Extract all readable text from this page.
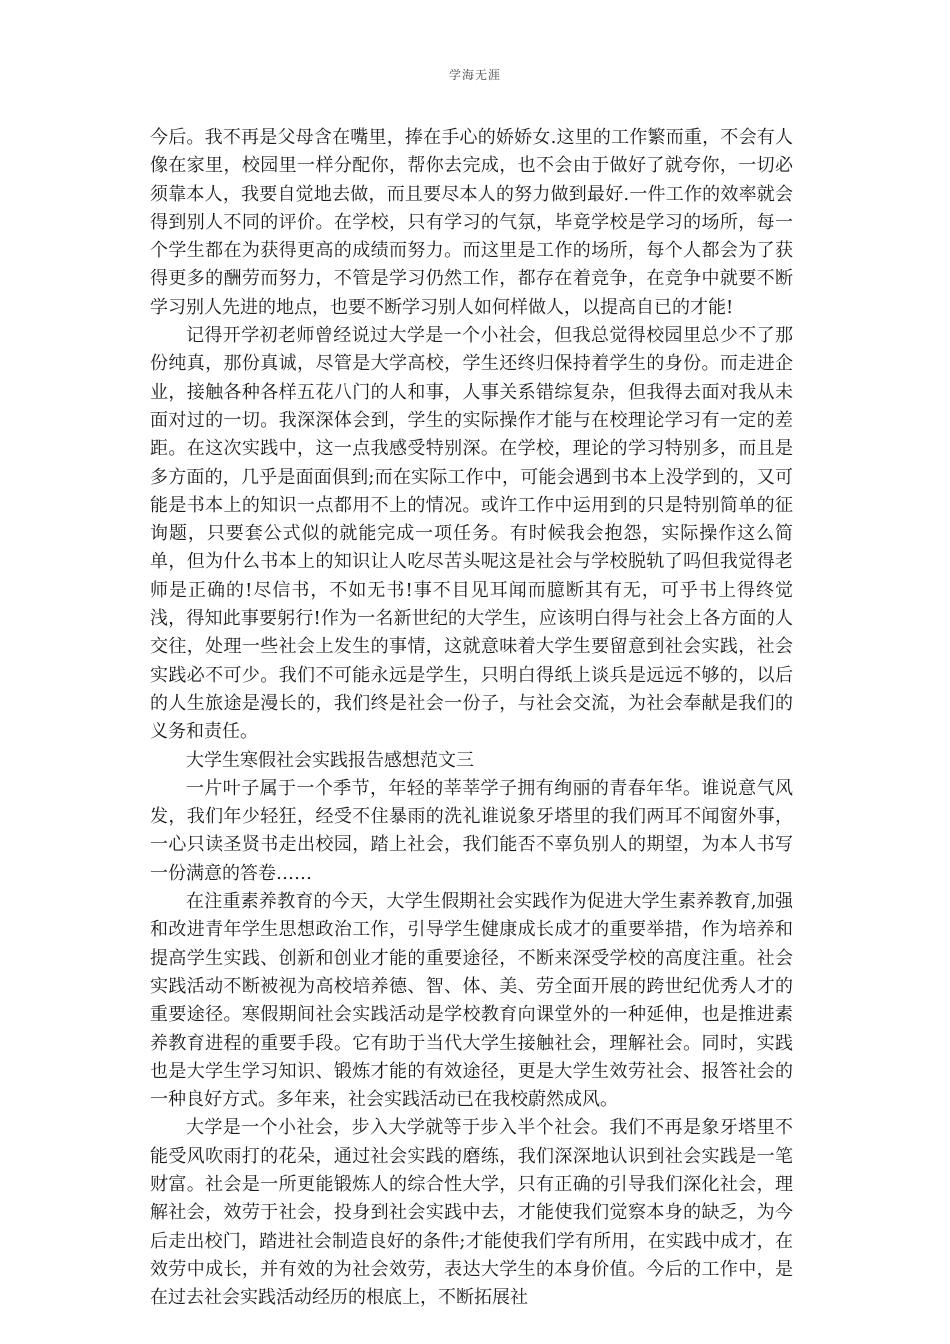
学海无涯

今后。我不再是父母含在嘴里，捧在手心的娇娇女.这里的工作繁而重，不会有人像在家里，校园里一样分配你，帮你去完成，也不会由于做好了就夸你，一切必须靠本人，我要自觉地去做，而且要尽本人的努力做到最好.一件工作的效率就会得到别人不同的评价。在学校，只有学习的气氛，毕竟学校是学习的场所，每一个学生都在为获得更高的成绩而努力。而这里是工作的场所，每个人都会为了获得更多的酬劳而努力，不管是学习仍然工作，都存在着竞争，在竞争中就要不断学习别人先进的地点，也要不断学习别人如何样做人，以提高自已的才能!

记得开学初老师曾经说过大学是一个小社会，但我总觉得校园里总少不了那份纯真，那份真诚，尽管是大学高校，学生还终归保持着学生的身份。而走进企业，接触各种各样五花八门的人和事，人事关系错综复杂，但我得去面对我从未面对过的一切。我深深体会到，学生的实际操作才能与在校理论学习有一定的差距。在这次实践中，这一点我感受特别深。在学校，理论的学习特别多，而且是多方面的，几乎是面面俱到;而在实际工作中，可能会遇到书本上没学到的，又可能是书本上的知识一点都用不上的情况。或许工作中运用到的只是特别简单的征询题，只要套公式似的就能完成一项任务。有时候我会抱怨，实际操作这么简单，但为什么书本上的知识让人吃尽苦头呢这是社会与学校脱轨了吗但我觉得老师是正确的!尽信书，不如无书!事不目见耳闻而臆断其有无，可乎书上得终觉浅，得知此事要躬行!作为一名新世纪的大学生，应该明白得与社会上各方面的人交往，处理一些社会上发生的事情，这就意味着大学生要留意到社会实践，社会实践必不可少。我们不可能永远是学生，只明白得纸上谈兵是远远不够的，以后的人生旅途是漫长的，我们终是社会一份子，与社会交流，为社会奉献是我们的义务和责任。

大学生寒假社会实践报告感想范文三

一片叶子属于一个季节，年轻的莘莘学子拥有绚丽的青春年华。谁说意气风发，我们年少轻狂，经受不住暴雨的洗礼谁说象牙塔里的我们两耳不闻窗外事，一心只读圣贤书走出校园，踏上社会，我们能否不辜负别人的期望，为本人书写一份满意的答卷……

在注重素养教育的今天，大学生假期社会实践作为促进大学生素养教育,加强和改进青年学生思想政治工作，引导学生健康成长成才的重要举措，作为培养和提高学生实践、创新和创业才能的重要途径，不断来深受学校的高度注重。社会实践活动不断被视为高校培养德、智、体、美、劳全面开展的跨世纪优秀人才的重要途径。寒假期间社会实践活动是学校教育向课堂外的一种延伸，也是推进素养教育进程的重要手段。它有助于当代大学生接触社会，理解社会。同时，实践也是大学生学习知识、锻炼才能的有效途径，更是大学生效劳社会、报答社会的一种良好方式。多年来，社会实践活动已在我校蔚然成风。

大学是一个小社会，步入大学就等于步入半个社会。我们不再是象牙塔里不能受风吹雨打的花朵，通过社会实践的磨练，我们深深地认识到社会实践是一笔财富。社会是一所更能锻炼人的综合性大学，只有正确的引导我们深化社会，理解社会，效劳于社会，投身到社会实践中去，才能使我们觉察本身的缺乏，为今后走出校门，踏进社会制造良好的条件;才能使我们学有所用，在实践中成才，在效劳中成长，并有效的为社会效劳，表达大学生的本身价值。今后的工作中，是在过去社会实践活动经历的根底上，不断拓展社
